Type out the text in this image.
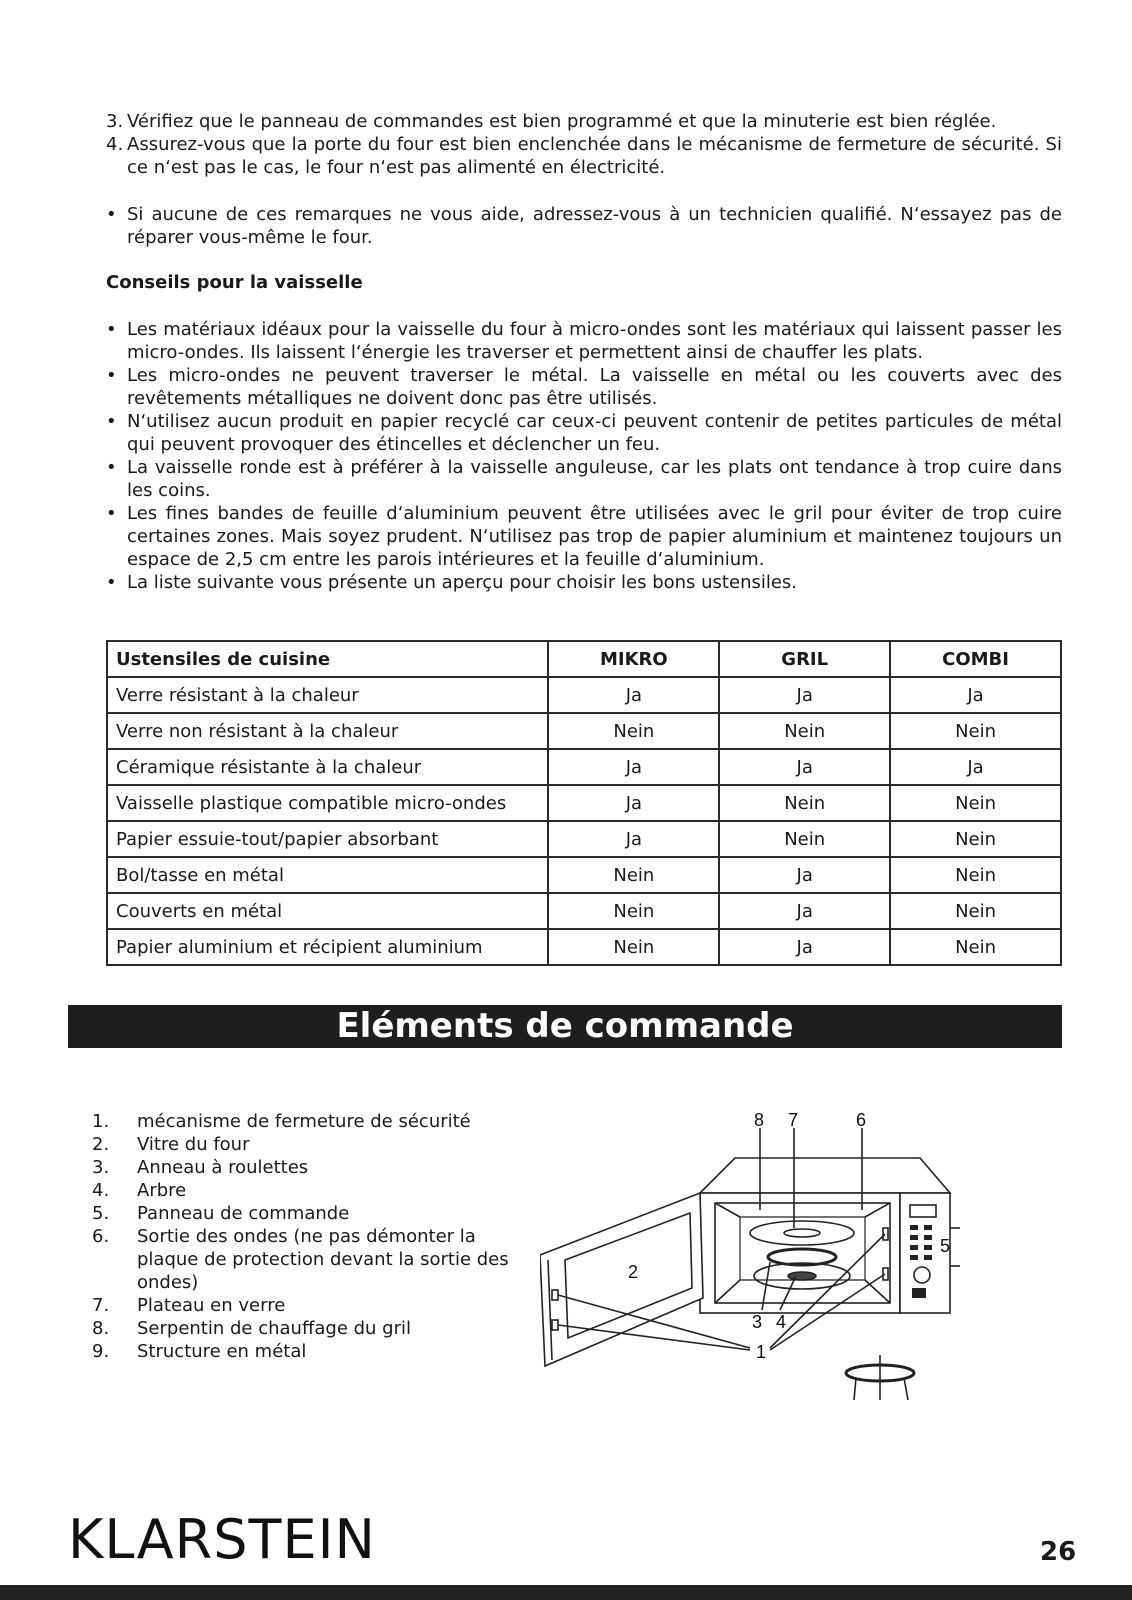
3. Vérifiez que le panneau de commandes est bien programmé et que la minuterie est bien réglée.
4. Assurez-vous que la porte du four est bien enclenchée dans le mécanisme de fermeture de sécurité. Si ce n‘est pas le cas, le four n‘est pas alimenté en électricité.
• Si aucune de ces remarques ne vous aide, adressez-vous à un technicien qualifié. N‘essayez pas de réparer vous-même le four.
Conseils pour la vaisselle
• Les matériaux idéaux pour la vaisselle du four à micro-ondes sont les matériaux qui laissent passer les micro-ondes. Ils laissent l‘énergie les traverser et permettent ainsi de chauffer les plats.
• Les micro-ondes ne peuvent traverser le métal. La vaisselle en métal ou les couverts avec des revêtements métalliques ne doivent donc pas être utilisés.
• N‘utilisez aucun produit en papier recyclé car ceux-ci peuvent contenir de petites particules de métal qui peuvent provoquer des étincelles et déclencher un feu.
• La vaisselle ronde est à préférer à la vaisselle anguleuse, car les plats ont tendance à trop cuire dans les coins.
• Les fines bandes de feuille d‘aluminium peuvent être utilisées avec le gril pour éviter de trop cuire certaines zones. Mais soyez prudent. N‘utilisez pas trop de papier aluminium et maintenez toujours un espace de 2,5 cm entre les parois intérieures et la feuille d‘aluminium.
• La liste suivante vous présente un aperçu pour choisir les bons ustensiles.
Ustensiles de cuisine	MIKRO	GRIL	COMBI
Verre résistant à la chaleur	Ja	Ja	Ja
Verre non résistant à la chaleur	Nein	Nein	Nein
Céramique résistante à la chaleur	Ja	Ja	Ja
Vaisselle plastique compatible micro-ondes	Ja	Nein	Nein
Papier essuie-tout/papier absorbant	Ja	Nein	Nein
Bol/tasse en métal	Nein	Ja	Nein
Couverts en métal	Nein	Ja	Nein
Papier aluminium et récipient aluminium	Nein	Ja	Nein
Eléments de commande
1. mécanisme de fermeture de sécurité
2. Vitre du four
3. Anneau à roulettes
4. Arbre
5. Panneau de commande
6. Sortie des ondes (ne pas démonter la plaque de protection devant la sortie des ondes)
7. Plateau en verre
8. Serpentin de chauffage du gril
9. Structure en métal
8 7	6
5
2
3 4
1
KLARSTEIN	26
